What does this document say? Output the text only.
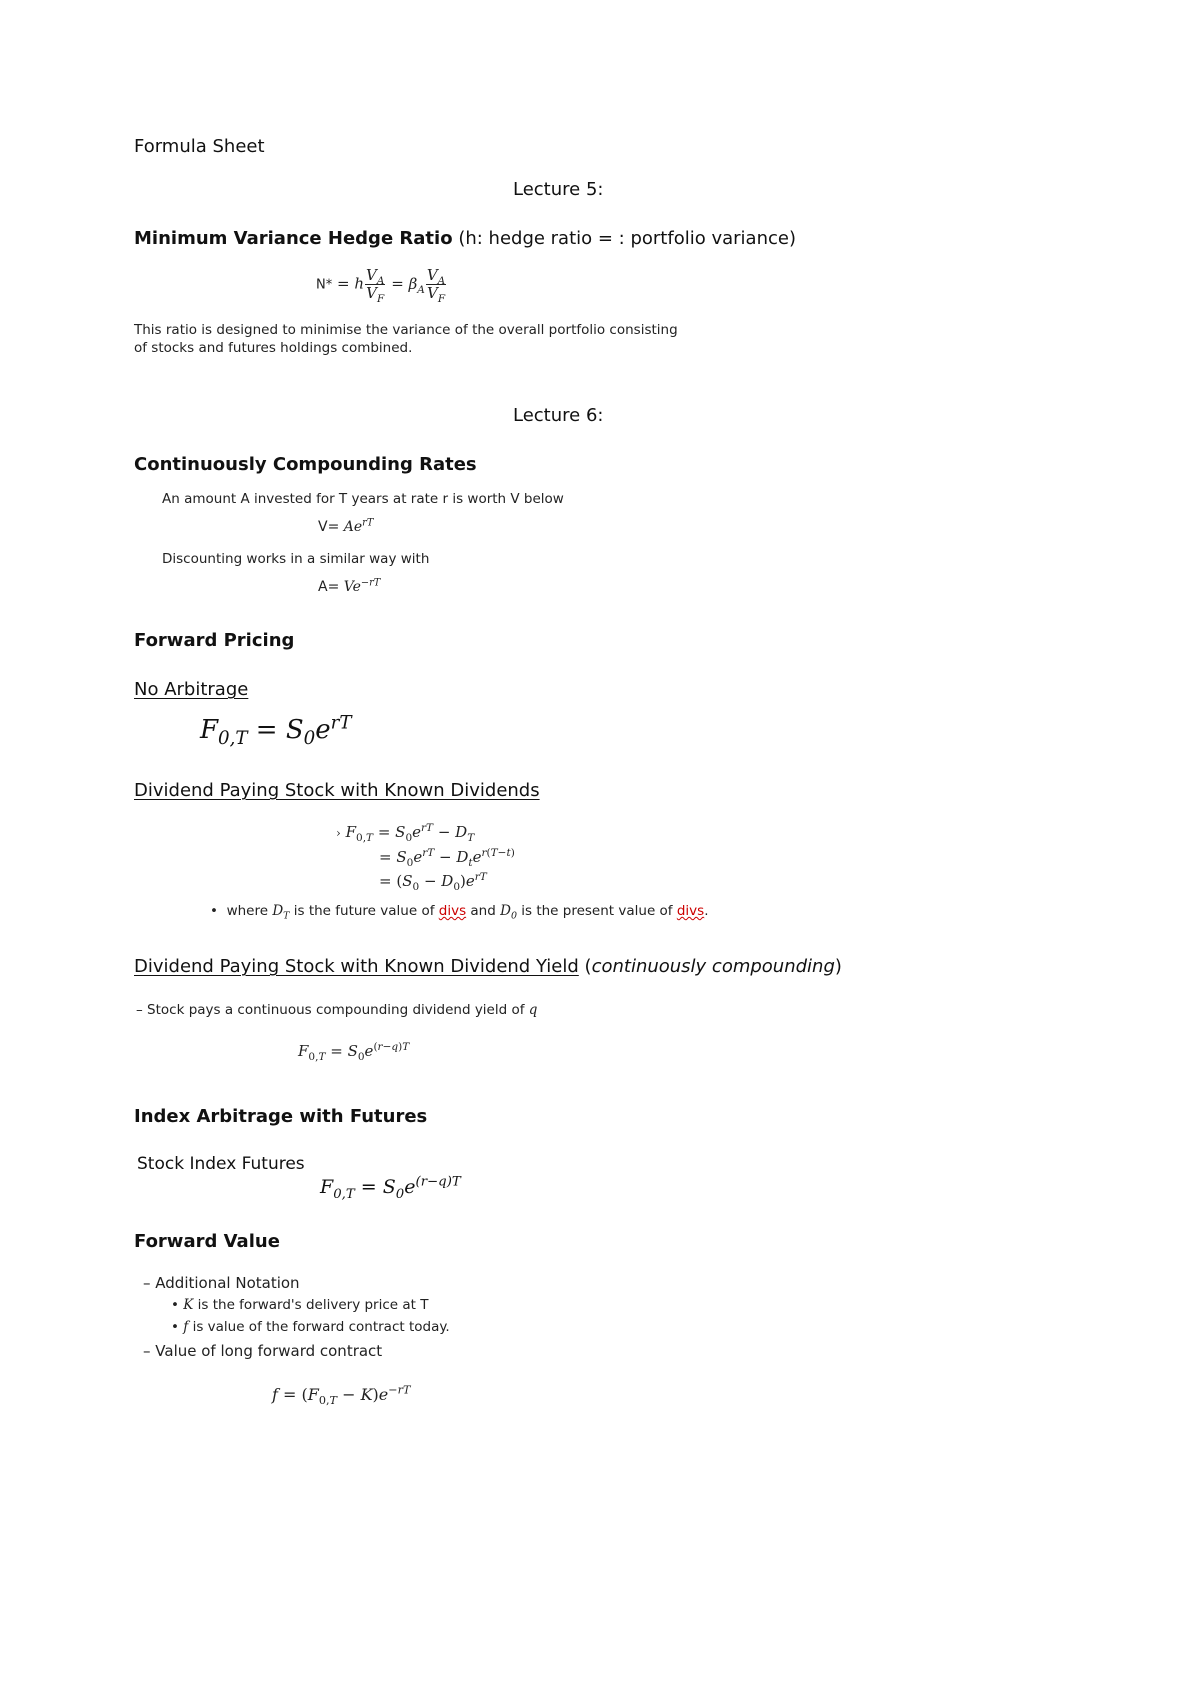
Formula Sheet
Lecture 5:
Minimum Variance Hedge Ratio (h: hedge ratio = : portfolio variance)
N* = h $\frac{V_A}{V_F} = \beta_A \frac{V_A}{V_F}$
This ratio is designed to minimise the variance of the overall portfolio consisting
of stocks and futures holdings combined.
Lecture 6:
Continuously Compounding Rates
An amount A invested for T years at rate r is worth V below
$V= Ae^{rT}$
Discounting works in a similar way with
$A= Ve^{-rT}$
Forward Pricing
No Arbitrage
$F_{0,T} = S_0e^{rT}$
Dividend Paying Stock with Known Dividends
› $F_{0,T} = S_0e^{rT} - D_T$
= $S_0e^{rT} - D_te^{r(T-t)}$
= $(S_0 - D_0)e^{rT}$
• where $D_T$ is the future value of divs and $D_0$ is the present value of divs.
Dividend Paying Stock with Known Dividend Yield (continuously compounding)
– Stock pays a continuous compounding dividend yield of q
$F_{0,T} = S_0e^{(r-q)T}$
Index Arbitrage with Futures
Stock Index Futures
$F_{0,T} = S_0e^{(r-q)T}$
Forward Value
– Additional Notation
• K is the forward's delivery price at T
• f is value of the forward contract today.
– Value of long forward contract
$f = (F_{0,T} - K)e^{-rT}$
